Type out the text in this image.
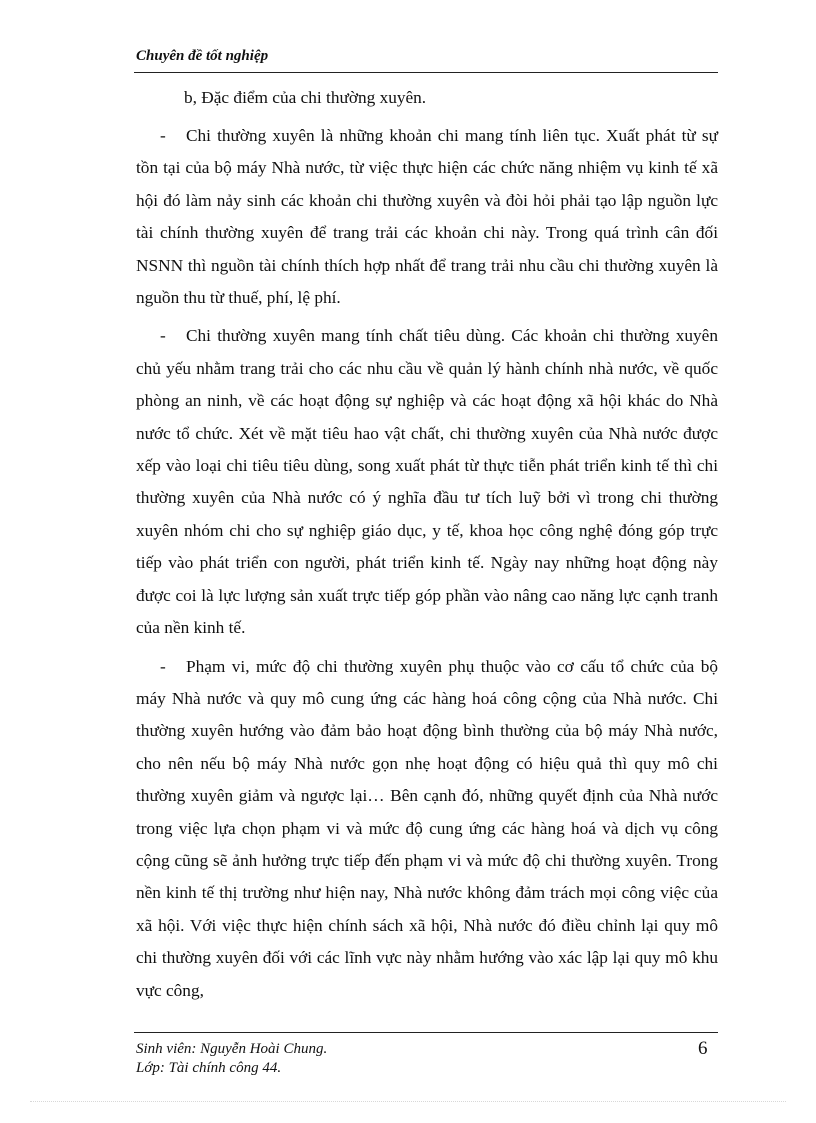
Chuyên đề tốt nghiệp

b, Đặc điểm của chi thường xuyên.

- Chi thường xuyên là những khoản chi mang tính liên tục. Xuất phát từ sự tồn tại của bộ máy Nhà nước, từ việc thực hiện các chức năng nhiệm vụ kinh tế xã hội đó làm nảy sinh các khoản chi thường xuyên và đòi hỏi phải tạo lập nguồn lực tài chính thường xuyên để trang trải các khoản chi này. Trong quá trình cân đối NSNN thì nguồn tài chính thích hợp nhất để trang trải nhu cầu chi thường xuyên là nguồn thu từ thuế, phí, lệ phí.

- Chi thường xuyên mang tính chất tiêu dùng. Các khoản chi thường xuyên chủ yếu nhằm trang trải cho các nhu cầu về quản lý hành chính nhà nước, về quốc phòng an ninh, về các hoạt động sự nghiệp và các hoạt động xã hội khác do Nhà nước tổ chức. Xét về mặt tiêu hao vật chất, chi thường xuyên của Nhà nước được xếp vào loại chi tiêu tiêu dùng, song xuất phát từ thực tiễn phát triển kinh tế thì chi thường xuyên của Nhà nước có ý nghĩa đầu tư tích luỹ bởi vì trong chi thường xuyên nhóm chi cho sự nghiệp giáo dục, y tế, khoa học công nghệ đóng góp trực tiếp vào phát triển con người, phát triển kinh tế. Ngày nay những hoạt động này được coi là lực lượng sản xuất trực tiếp góp phần vào nâng cao năng lực cạnh tranh của nền kinh tế.

- Phạm vi, mức độ chi thường xuyên phụ thuộc vào cơ cấu tổ chức của bộ máy Nhà nước và quy mô cung ứng các hàng hoá công cộng của Nhà nước. Chi thường xuyên hướng vào đảm bảo hoạt động bình thường của bộ máy Nhà nước, cho nên nếu bộ máy Nhà nước gọn nhẹ hoạt động có hiệu quả thì quy mô chi thường xuyên giảm và ngược lại… Bên cạnh đó, những quyết định của Nhà nước trong việc lựa chọn phạm vi và mức độ cung ứng các hàng hoá và dịch vụ công cộng cũng sẽ ảnh hưởng trực tiếp đến phạm vi và mức độ chi thường xuyên. Trong nền kinh tế thị trường như hiện nay, Nhà nước không đảm trách mọi công việc của xã hội. Với việc thực hiện chính sách xã hội, Nhà nước đó điều chỉnh lại quy mô chi thường xuyên đối với các lĩnh vực này nhằm hướng vào xác lập lại quy mô khu vực công,

Sinh viên: Nguyễn Hoài Chung.
Lớp: Tài chính công 44.
6
